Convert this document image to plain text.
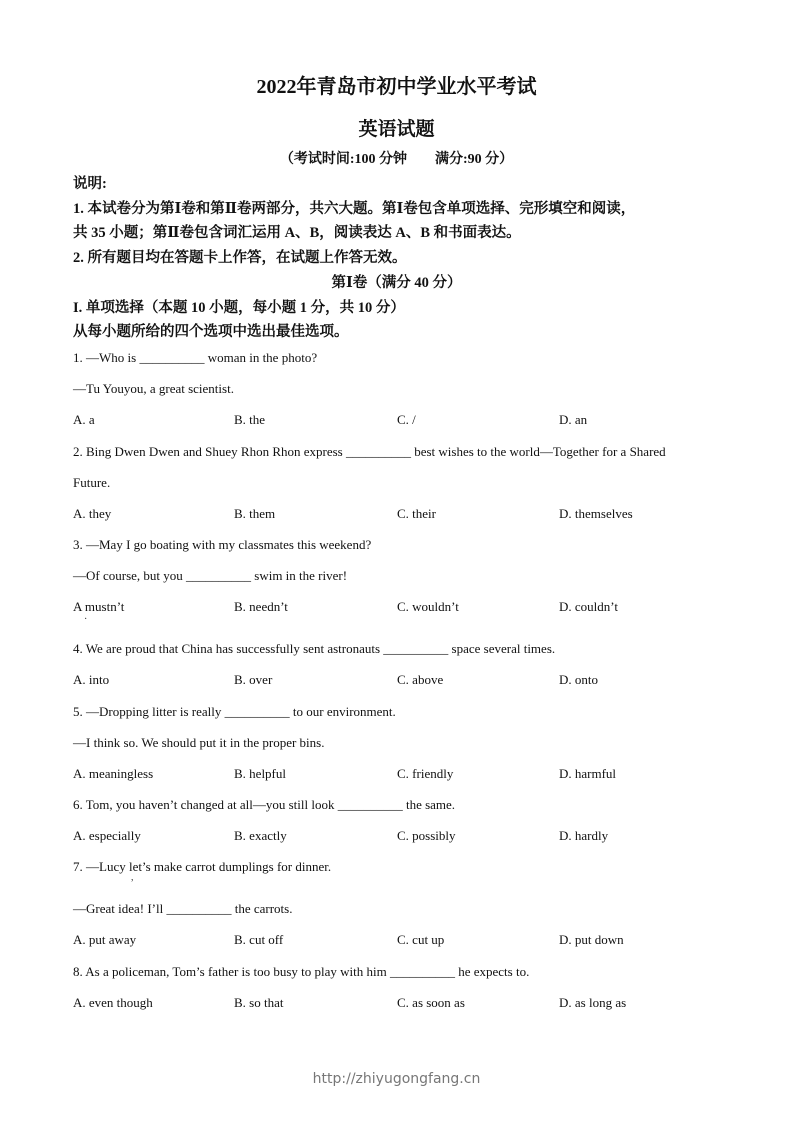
2022年青岛市初中学业水平考试
英语试题
（考试时间:100 分钟　　满分:90 分）
说明:
1. 本试卷分为第Ⅰ卷和第Ⅱ卷两部分，共六大题。第Ⅰ卷包含单项选择、完形填空和阅读，
共 35 小题；第Ⅱ卷包含词汇运用 A、B，阅读表达 A、B 和书面表达。
2. 所有题目均在答题卡上作答，在试题上作答无效。
第Ⅰ卷（满分 40 分）
I. 单项选择（本题 10 小题，每小题 1 分，共 10 分）
从每小题所给的四个选项中选出最佳选项。
1. —Who is __________ woman in the photo?
—Tu Youyou, a great scientist.
A. a	B. the	C. /	D. an
2. Bing Dwen Dwen and Shuey Rhon Rhon express __________ best wishes to the world—Together for a Shared
Future.
A. they	B. them	C. their	D. themselves
3. —May I go boating with my classmates this weekend?
—Of course, but you __________ swim in the river!
A mustn’t	B. needn’t	C. wouldn’t	D. couldn’t
·
4. We are proud that China has successfully sent astronauts __________ space several times.
A. into	B. over	C. above	D. onto
5. —Dropping litter is really __________ to our environment.
—I think so. We should put it in the proper bins.
A. meaningless	B. helpful	C. friendly	D. harmful
6. Tom, you haven’t changed at all—you still look __________ the same.
A. especially	B. exactly	C. possibly	D. hardly
7. —Lucy let’s make carrot dumplings for dinner.
,
—Great idea! I’ll __________ the carrots.
A. put away	B. cut off	C. cut up	D. put down
8. As a policeman, Tom’s father is too busy to play with him __________ he expects to.
A. even though	B. so that	C. as soon as	D. as long as
http://zhiyugongfang.cn
